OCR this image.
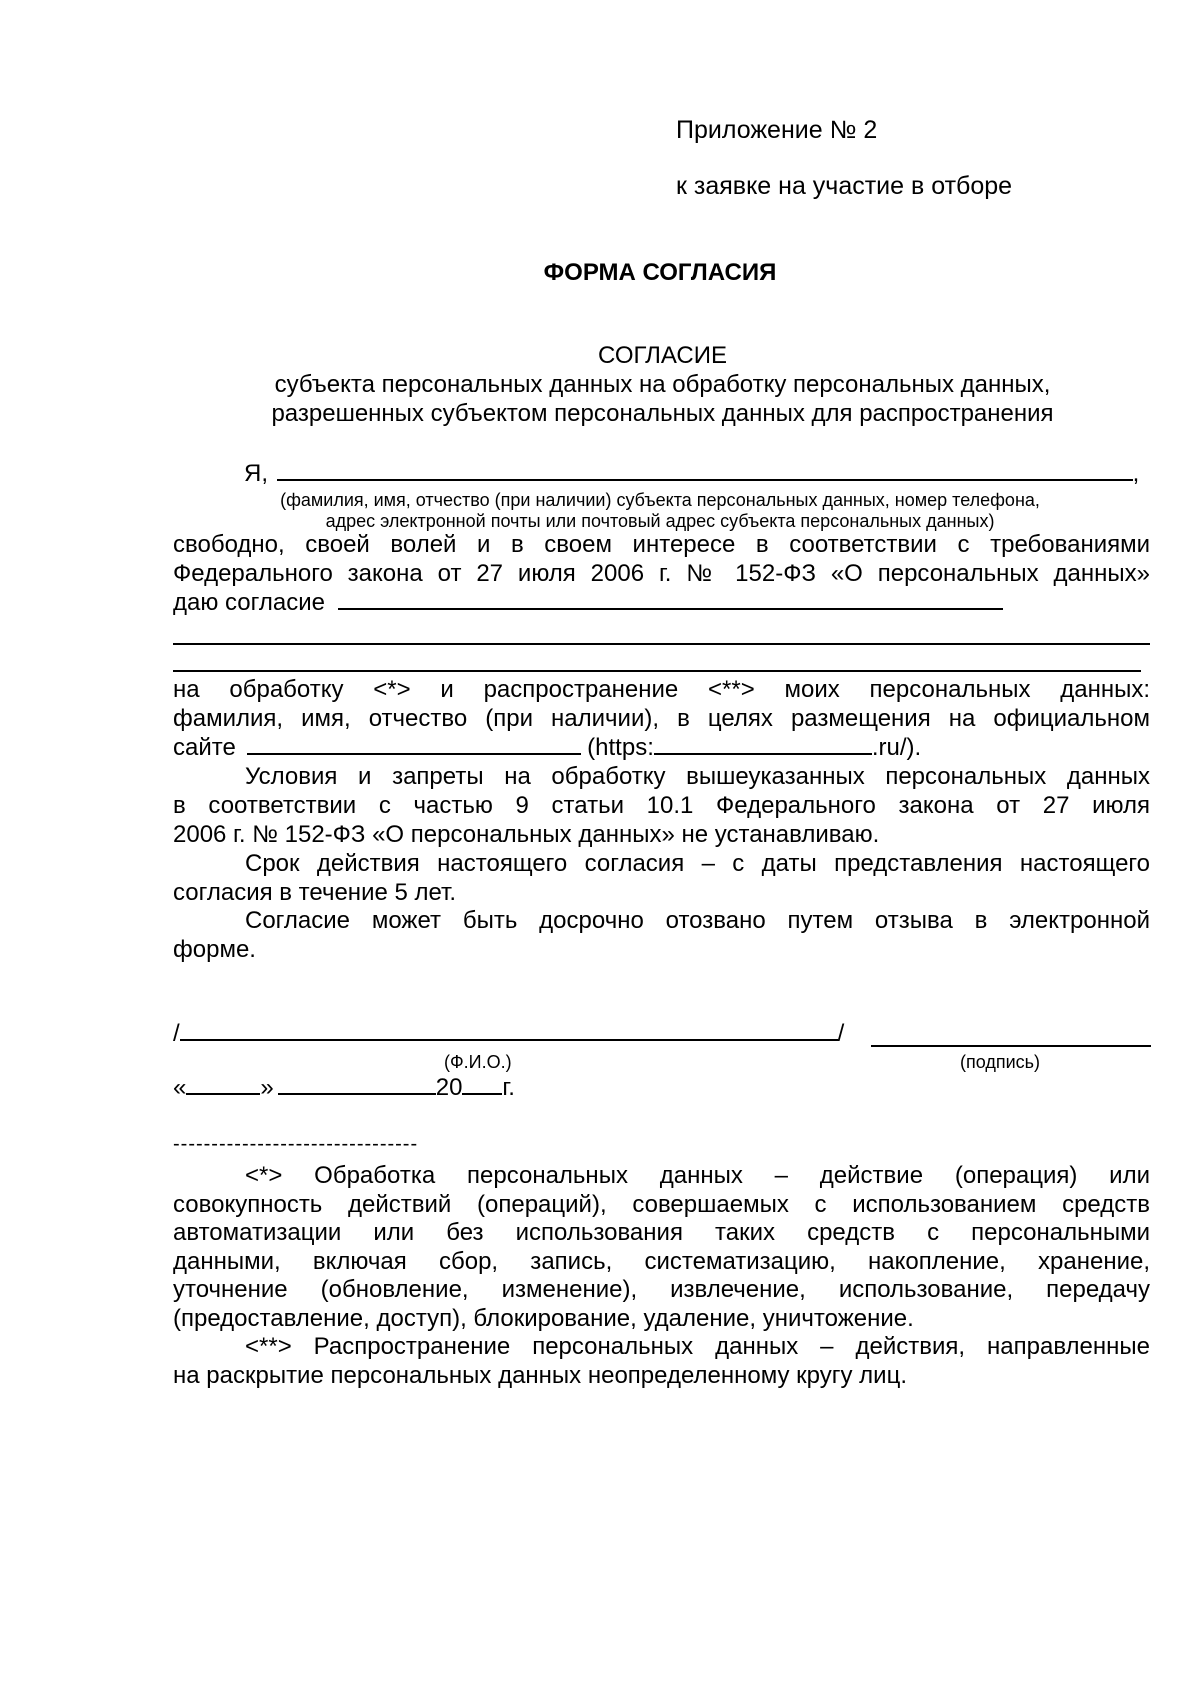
Приложение № 2
к заявке на участие в отборе
ФОРМА СОГЛАСИЯ
СОГЛАСИЕ
субъекта персональных данных на обработку персональных данных,
разрешенных субъектом персональных данных для распространения
Я,	,
(фамилия, имя, отчество (при наличии) субъекта персональных данных, номер телефона,
адрес электронной почты или почтовый адрес субъекта персональных данных)
свободно, своей волей и в своем интересе в соответствии с требованиями
Федерального закона от 27 июля 2006 г. № 152-ФЗ «О персональных данных»
даю согласие
на обработку <*> и распространение <**> моих персональных данных:
фамилия, имя, отчество (при наличии), в целях размещения на официальном
сайте	(https:	.ru/).
Условия и запреты на обработку вышеуказанных персональных данных
в соответствии с частью 9 статьи 10.1 Федерального закона от 27 июля
2006 г. № 152-ФЗ «О персональных данных» не устанавливаю.
Срок действия настоящего согласия – с даты представления настоящего
согласия в течение 5 лет.
Согласие может быть досрочно отозвано путем отзыва в электронной
форме.
/	/
(Ф.И.О.)	(подпись)
«	»	20 г.
--------------------------------
<*> Обработка персональных данных – действие (операция) или
совокупность действий (операций), совершаемых с использованием средств
автоматизации или без использования таких средств с персональными
данными, включая сбор, запись, систематизацию, накопление, хранение,
уточнение (обновление, изменение), извлечение, использование, передачу
(предоставление, доступ), блокирование, удаление, уничтожение.
<**> Распространение персональных данных – действия, направленные
на раскрытие персональных данных неопределенному кругу лиц.
